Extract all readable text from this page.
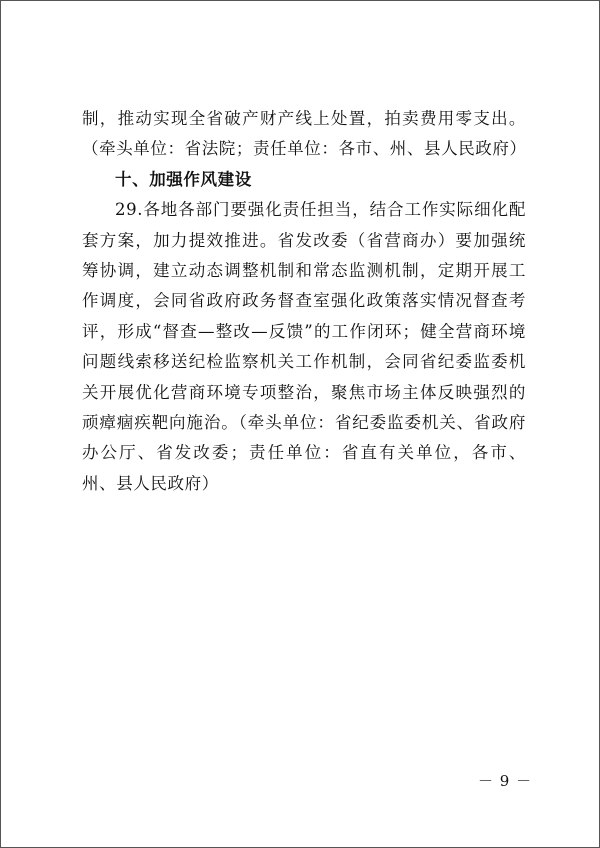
制，推动实现全省破产财产线上处置，拍卖费用零支出。（牵头单位：省法院；责任单位：各市、州、县人民政府）

十、加强作风建设

29.各地各部门要强化责任担当，结合工作实际细化配套方案，加力提效推进。省发改委（省营商办）要加强统筹协调，建立动态调整机制和常态监测机制，定期开展工作调度，会同省政府政务督查室强化政策落实情况督查考评，形成“督查—整改—反馈”的工作闭环；健全营商环境问题线索移送纪检监察机关工作机制，会同省纪委监委机关开展优化营商环境专项整治，聚焦市场主体反映强烈的顽瘴痼疾靶向施治。（牵头单位：省纪委监委机关、省政府办公厅、省发改委；责任单位：省直有关单位，各市、州、县人民政府）

－ 9 －
